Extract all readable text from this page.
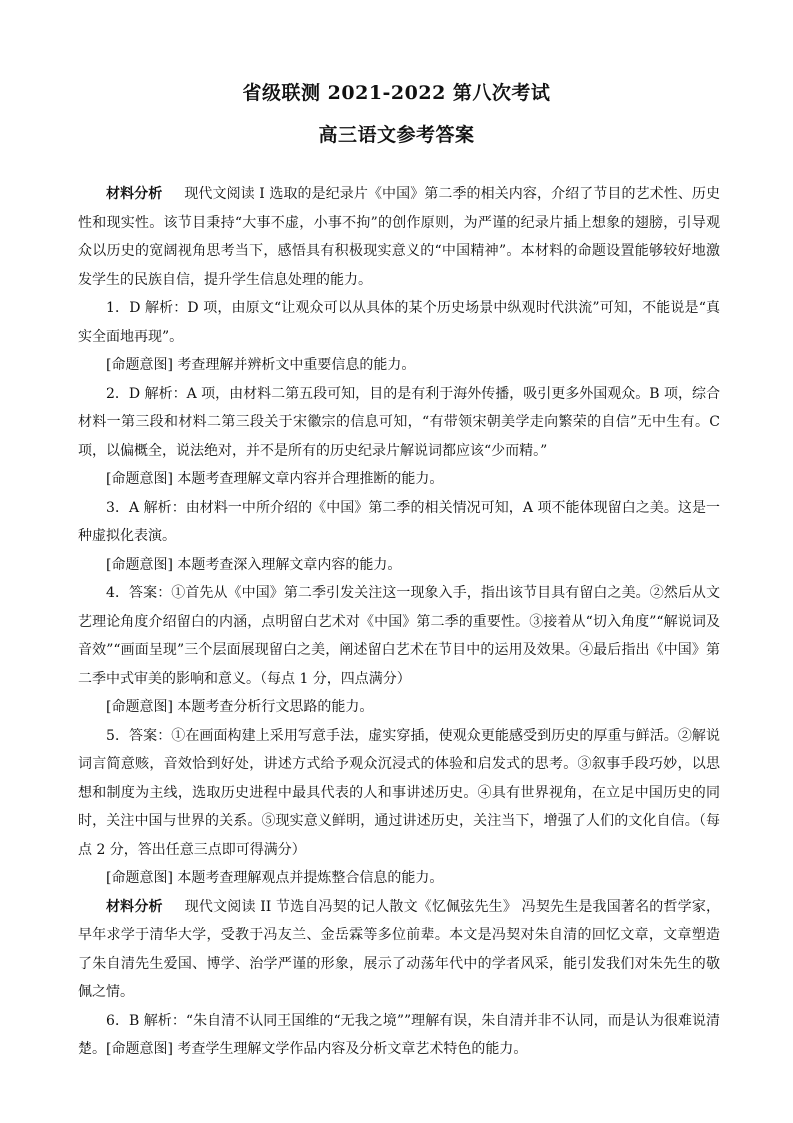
省级联测 2021-2022 第八次考试
高三语文参考答案

材料分析 现代文阅读 I 选取的是纪录片《中国》第二季的相关内容，介绍了节目的艺术性、历史性和现实性。该节目秉持“大事不虚，小事不拘”的创作原则，为严谨的纪录片插上想象的翅膀，引导观众以历史的宽阔视角思考当下，感悟具有积极现实意义的“中国精神”。本材料的命题设置能够较好地激发学生的民族自信，提升学生信息处理的能力。

1．D 解析：D 项，由原文“让观众可以从具体的某个历史场景中纵观时代洪流”可知，不能说是“真实全面地再现”。

[命题意图] 考查理解并辨析文中重要信息的能力。

2．D 解析：A 项，由材料二第五段可知，目的是有利于海外传播，吸引更多外国观众。B 项，综合材料一第三段和材料二第三段关于宋徽宗的信息可知，“有带领宋朝美学走向繁荣的自信”无中生有。C 项，以偏概全，说法绝对，并不是所有的历史纪录片解说词都应该“少而精。”

[命题意图] 本题考查理解文章内容并合理推断的能力。

3．A 解析：由材料一中所介绍的《中国》第二季的相关情况可知，A 项不能体现留白之美。这是一种虚拟化表演。

[命题意图] 本题考查深入理解文章内容的能力。

4．答案：①首先从《中国》第二季引发关注这一现象入手，指出该节目具有留白之美。②然后从文艺理论角度介绍留白的内涵，点明留白艺术对《中国》第二季的重要性。③接着从“切入角度”“解说词及音效”“画面呈现”三个层面展现留白之美，阐述留白艺术在节目中的运用及效果。④最后指出《中国》第二季中式审美的影响和意义。（每点 1 分，四点满分）

[命题意图] 本题考查分析行文思路的能力。

5．答案：①在画面构建上采用写意手法，虚实穿插，使观众更能感受到历史的厚重与鲜活。②解说词言简意赅，音效恰到好处，讲述方式给予观众沉浸式的体验和启发式的思考。③叙事手段巧妙，以思想和制度为主线，选取历史进程中最具代表的人和事讲述历史。④具有世界视角，在立足中国历史的同时，关注中国与世界的关系。⑤现实意义鲜明，通过讲述历史，关注当下，增强了人们的文化自信。（每点 2 分，答出任意三点即可得满分）

[命题意图] 本题考查理解观点并提炼整合信息的能力。

材料分析 现代文阅读 II 节选自冯契的记人散文《忆佩弦先生》 冯契先生是我国著名的哲学家，早年求学于清华大学，受教于冯友兰、金岳霖等多位前辈。本文是冯契对朱自清的回忆文章，文章塑造了朱自清先生爱国、博学、治学严谨的形象，展示了动荡年代中的学者风采，能引发我们对朱先生的敬佩之情。

6．B 解析：“朱自清不认同王国维的“无我之境””理解有误，朱自清并非不认同，而是认为很难说清楚。[命题意图] 考查学生理解文学作品内容及分析文章艺术特色的能力。
